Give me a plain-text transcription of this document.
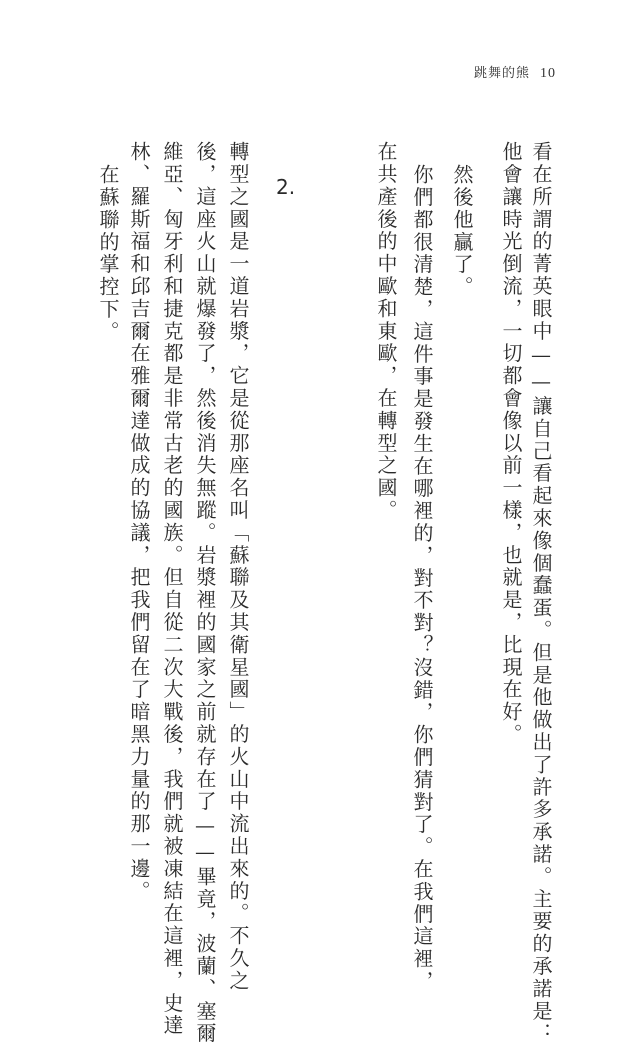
跳舞的熊 10
看在所謂的菁英眼中——讓自己看起來像個蠢蛋。但是他做出了許多承諾。主要的承諾是：
他會讓時光倒流，一切都會像以前一樣，也就是，比現在好。
然後他贏了。
你們都很清楚，這件事是發生在哪裡的，對不對？沒錯，你們猜對了。在我們這裡，
在共產後的中歐和東歐，在轉型之國。
2.
轉型之國是一道岩漿，它是從那座名叫「蘇聯及其衛星國」的火山中流出來的。不久之
後，這座火山就爆發了，然後消失無蹤。岩漿裡的國家之前就存在了——畢竟，波蘭、塞爾
維亞、匈牙利和捷克都是非常古老的國族。但自從二次大戰後，我們就被凍結在這裡，史達
林、羅斯福和邱吉爾在雅爾達做成的協議，把我們留在了暗黑力量的那一邊。
在蘇聯的掌控下。
